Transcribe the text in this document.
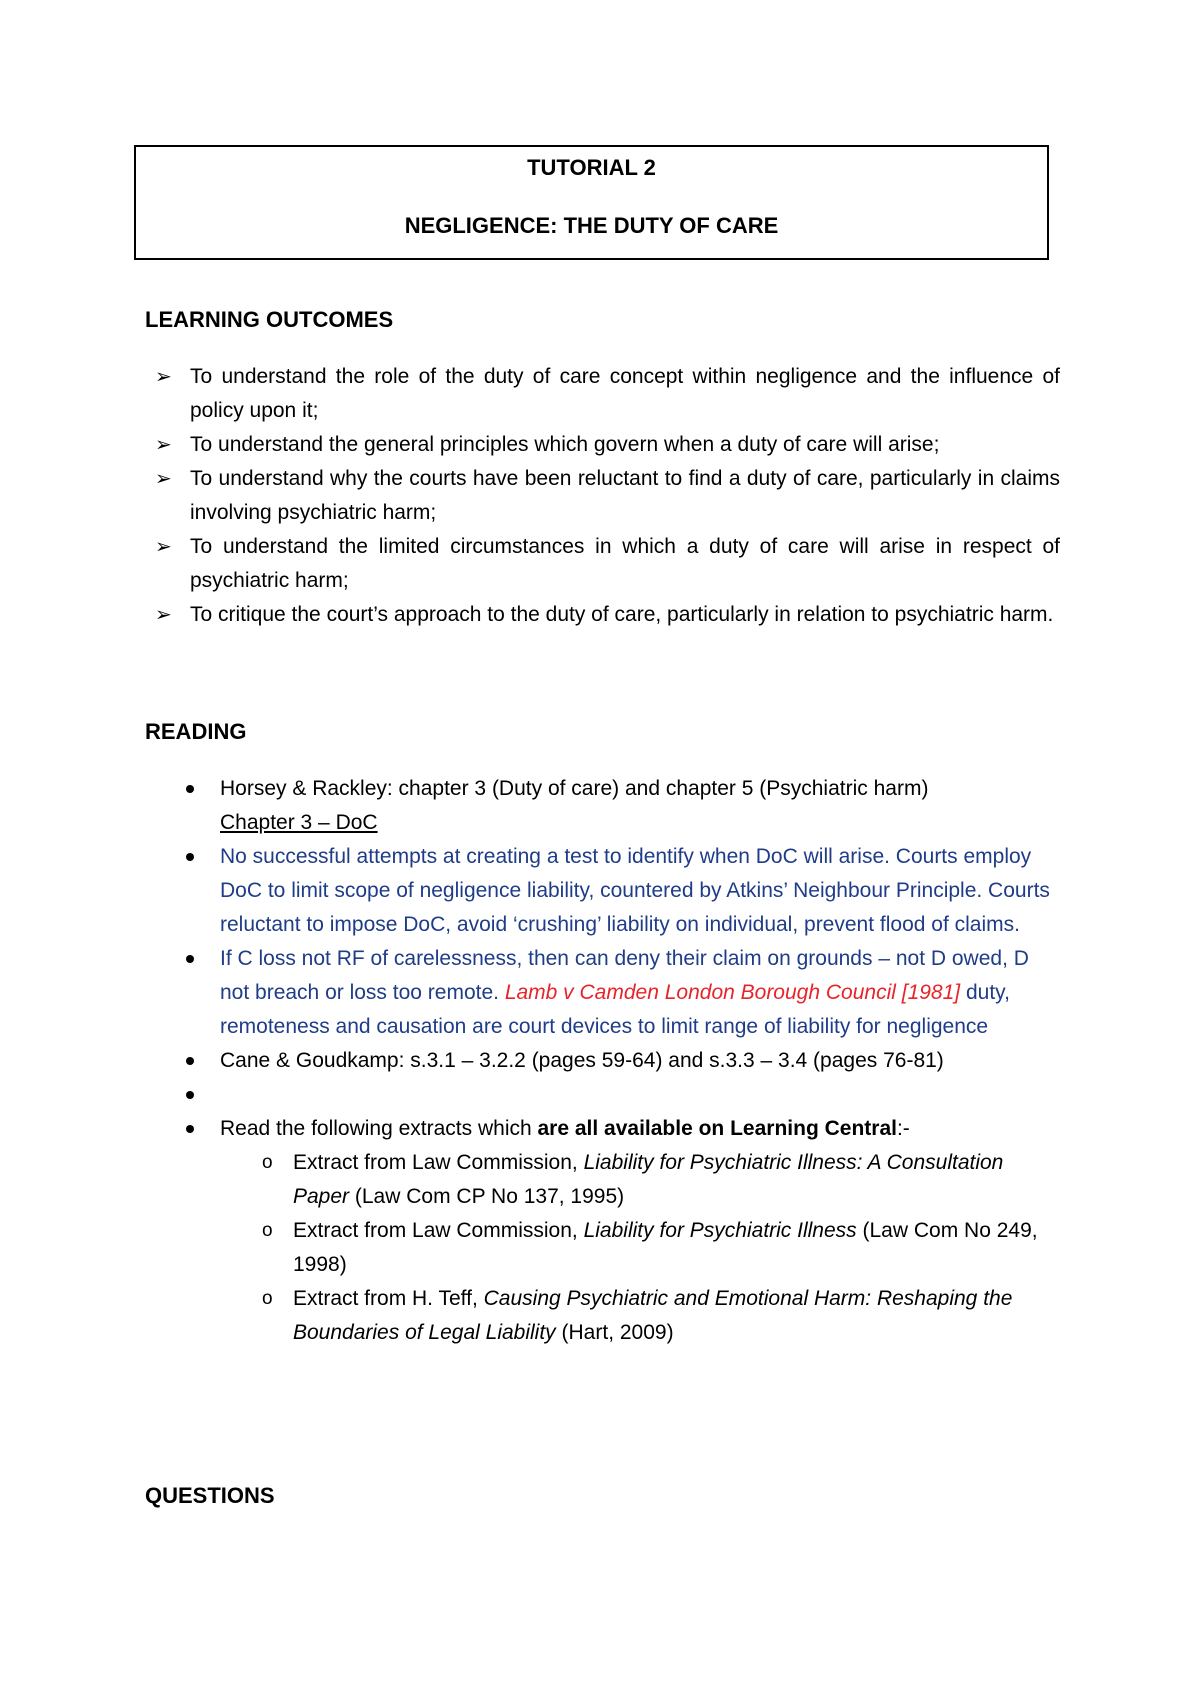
TUTORIAL 2
NEGLIGENCE: THE DUTY OF CARE
LEARNING OUTCOMES
➢ To understand the role of the duty of care concept within negligence and the influence of policy upon it;
➢ To understand the general principles which govern when a duty of care will arise;
➢ To understand why the courts have been reluctant to find a duty of care, particularly in claims involving psychiatric harm;
➢ To understand the limited circumstances in which a duty of care will arise in respect of psychiatric harm;
➢ To critique the court’s approach to the duty of care, particularly in relation to psychiatric harm.
READING
Horsey & Rackley: chapter 3 (Duty of care) and chapter 5 (Psychiatric harm)
Chapter 3 – DoC
No successful attempts at creating a test to identify when DoC will arise. Courts employ DoC to limit scope of negligence liability, countered by Atkins’ Neighbour Principle. Courts reluctant to impose DoC, avoid ‘crushing’ liability on individual, prevent flood of claims.
If C loss not RF of carelessness, then can deny their claim on grounds – not D owed, D not breach or loss too remote. Lamb v Camden London Borough Council [1981] duty, remoteness and causation are court devices to limit range of liability for negligence
Cane & Goudkamp: s.3.1 – 3.2.2 (pages 59-64) and s.3.3 – 3.4 (pages 76-81)
Read the following extracts which are all available on Learning Central:-
o Extract from Law Commission, Liability for Psychiatric Illness: A Consultation Paper (Law Com CP No 137, 1995)
o Extract from Law Commission, Liability for Psychiatric Illness (Law Com No 249, 1998)
o Extract from H. Teff, Causing Psychiatric and Emotional Harm: Reshaping the Boundaries of Legal Liability (Hart, 2009)
QUESTIONS
